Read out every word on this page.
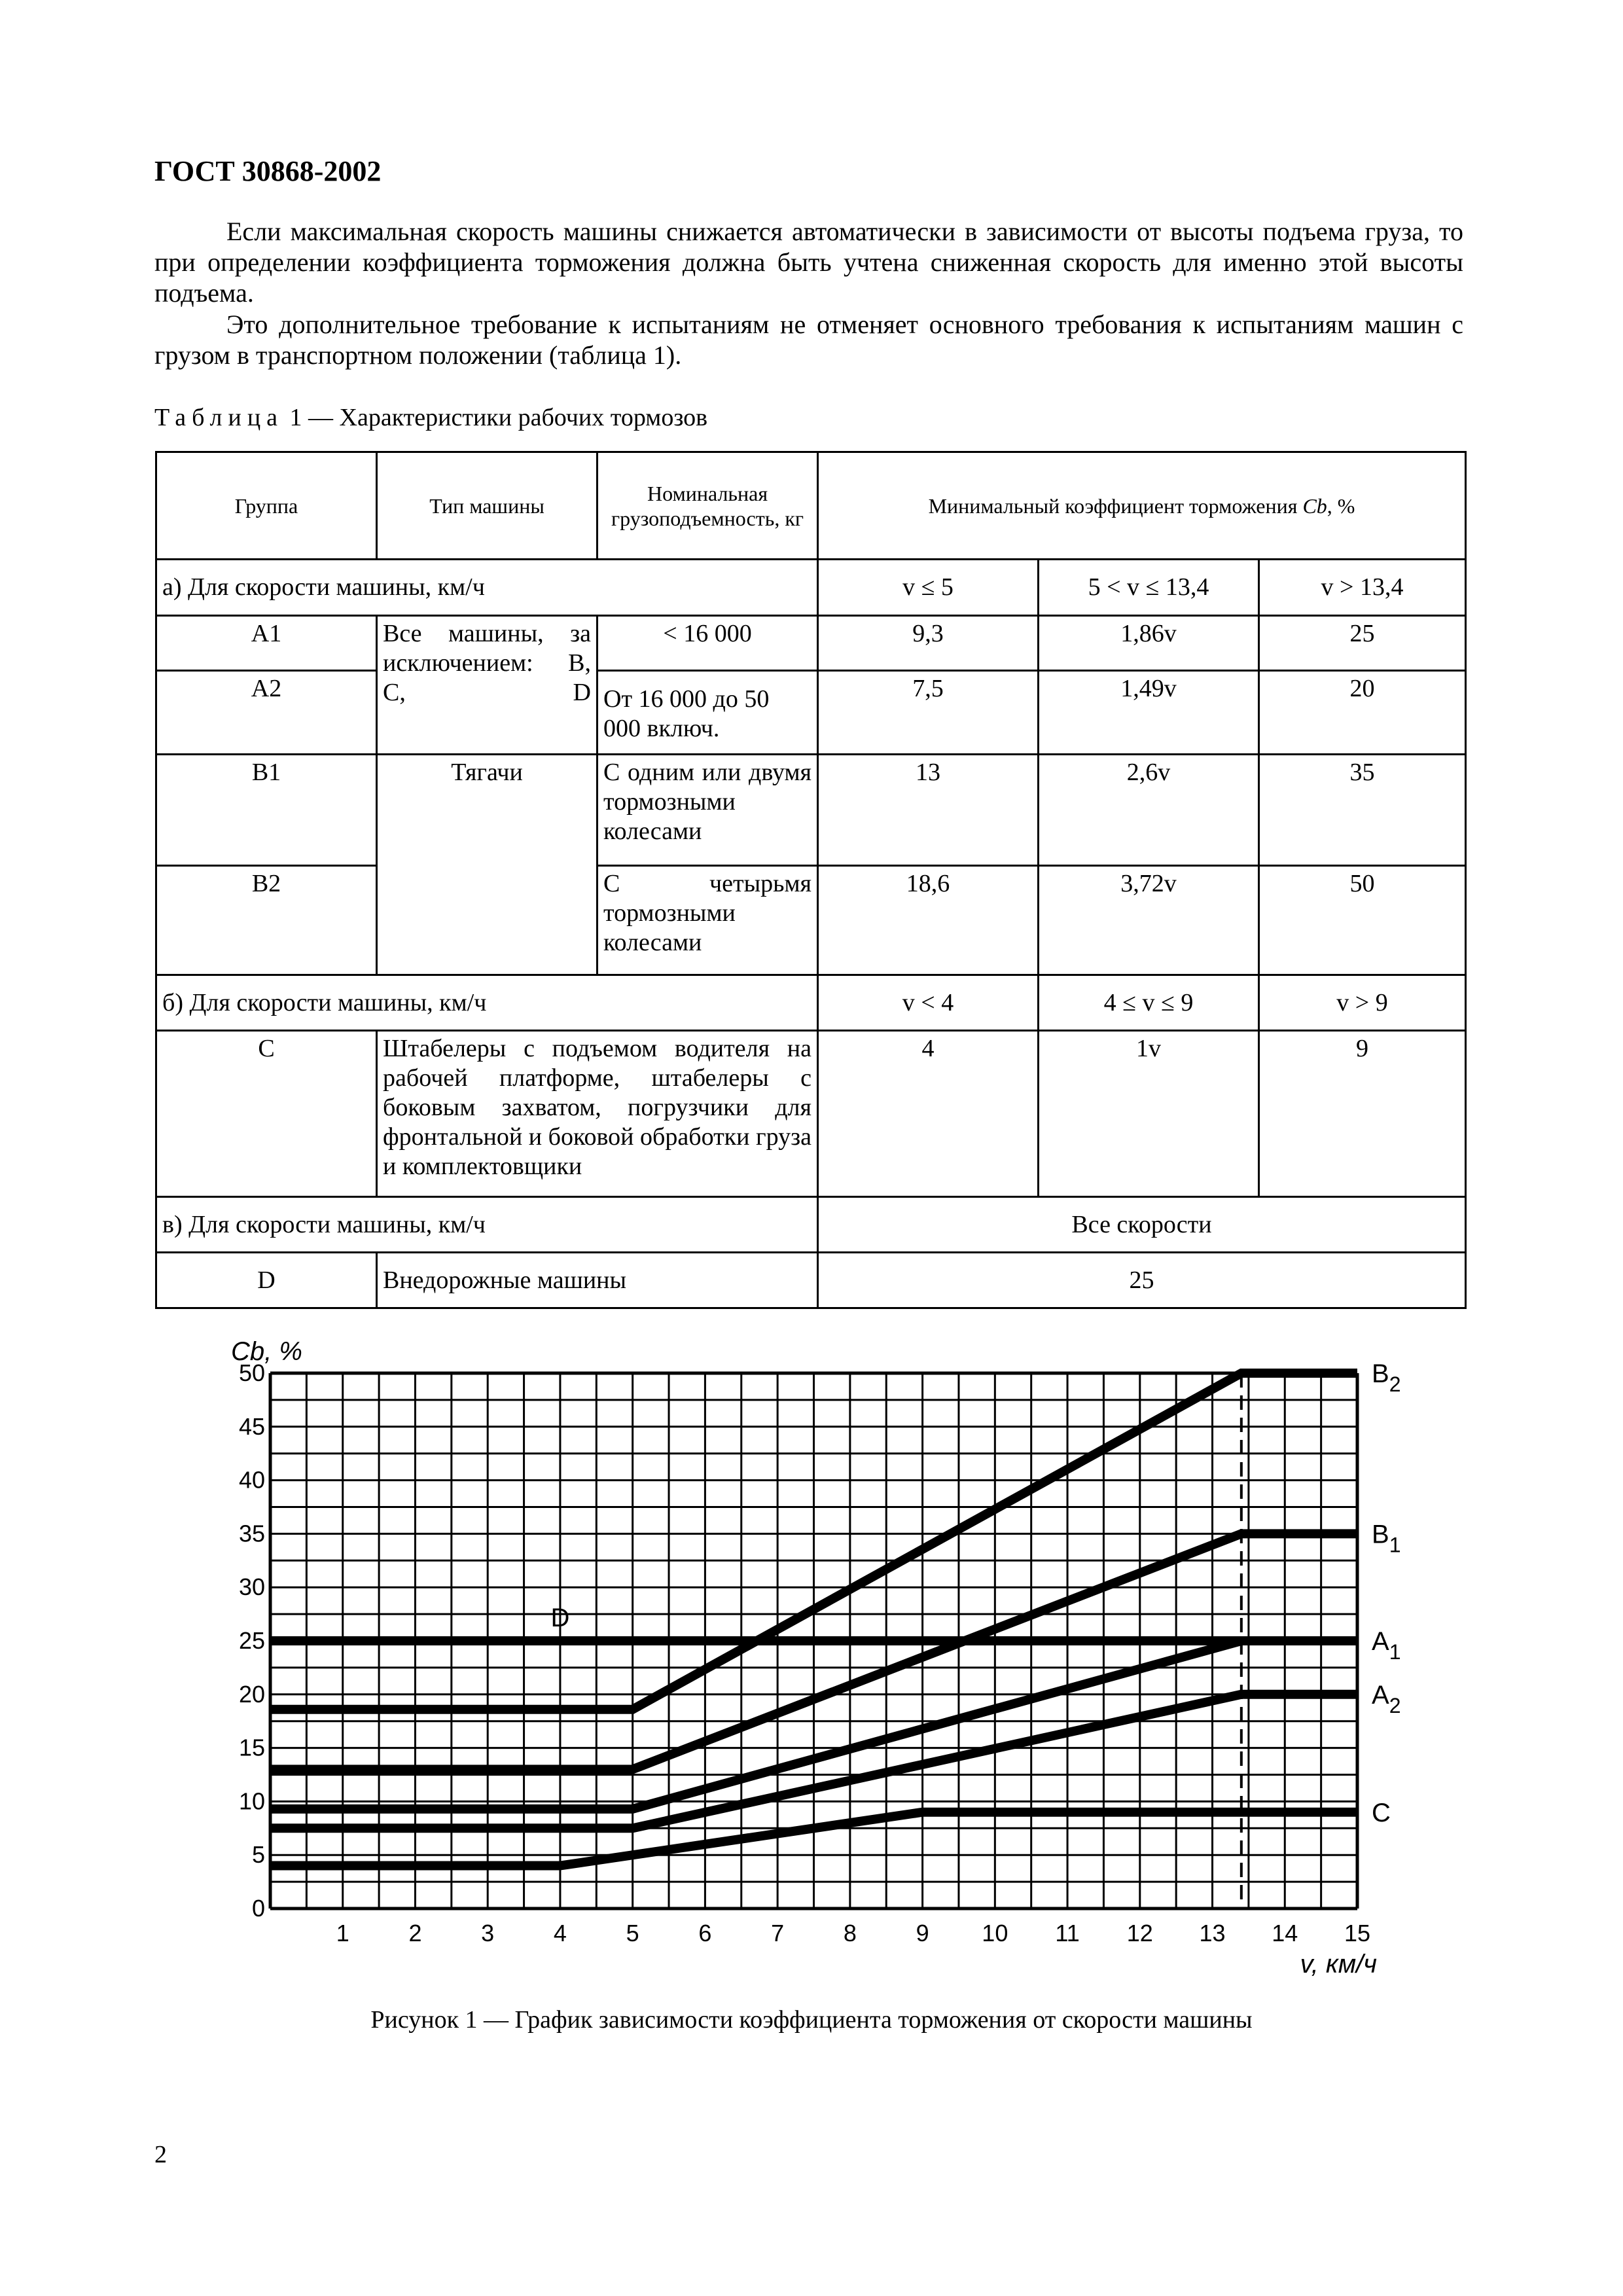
ГОСТ 30868-2002
Если максимальная скорость машины снижается автоматически в зависимости от высоты подъема груза, то при определении коэффициента торможения должна быть учтена сниженная скорость для именно этой высоты подъема.
Это дополнительное требование к испытаниям не отменяет основного требования к испытаниям машин с грузом в транспортном положении (таблица 1).
Таблица 1 — Характеристики рабочих тормозов
Группа	Тип машины	Номинальная грузоподъемность, кг	Минимальный коэффициент торможения Cb, %		
а) Для скорости машины, км/ч			v ≤ 5	5 < v ≤ 13,4	v > 13,4
A1	Все машины, за исключением: B, C, D	< 16 000	9,3	1,86v	25
A2		От 16 000 до 50 000 включ.	7,5	1,49v	20
B1	Тягачи	С одним или двумя тормозными колесами	13	2,6v	35
B2		С четырьмя тормозными колесами	18,6	3,72v	50
б) Для скорости машины, км/ч			v < 4	4 ≤ v ≤ 9	v > 9
C	Штабелеры с подъемом водителя на рабочей платформе, штабелеры с боковым захватом, погрузчики для фронтальной и боковой обработки груза и комплектовщики		4	1v	9
в) Для скорости машины, км/ч			Все скорости		
D	Внедорожные машины		25		
1	2	3	4	5	6	7	8	9 10 11 12 13 14 15
0
5
10
15
20
25
30
35
40
45
50
Cb, %
v, км/ч
$B_2$
$B_1$
$A_1$
$A_2$
C
D
Рисунок 1 — График зависимости коэффициента торможения от скорости машины
2
